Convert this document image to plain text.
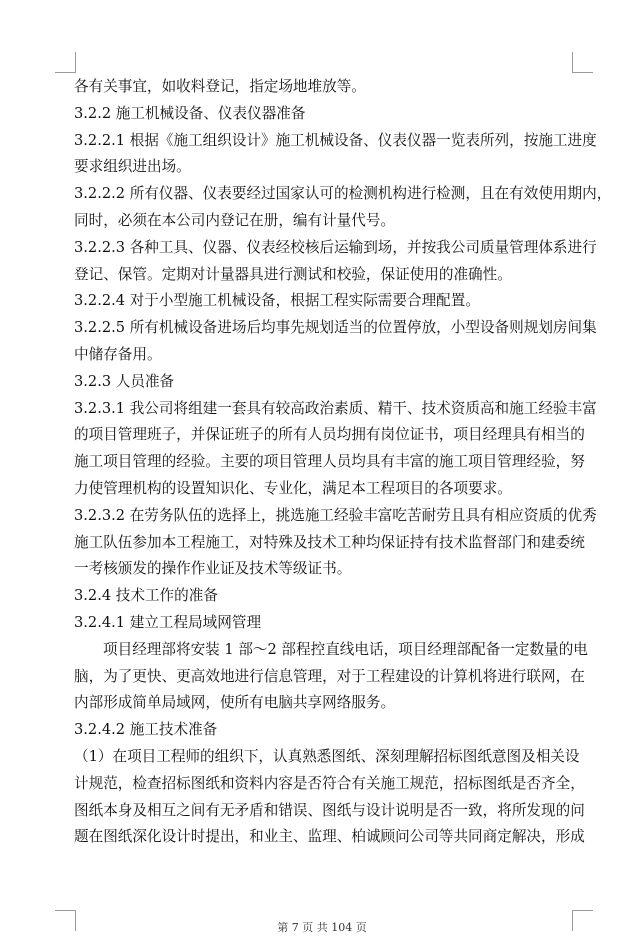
各有关事宜，如收料登记，指定场地堆放等。
3.2.2 施工机械设备、仪表仪器准备
3.2.2.1 根据《施工组织设计》施工机械设备、仪表仪器一览表所列，按施工进度
要求组织进出场。
3.2.2.2 所有仪器、仪表要经过国家认可的检测机构进行检测，且在有效使用期内，
同时，必须在本公司内登记在册，编有计量代号。
3.2.2.3 各种工具、仪器、仪表经校核后运输到场，并按我公司质量管理体系进行
登记、保管。定期对计量器具进行测试和校验，保证使用的准确性。
3.2.2.4 对于小型施工机械设备，根据工程实际需要合理配置。
3.2.2.5 所有机械设备进场后均事先规划适当的位置停放，小型设备则规划房间集
中储存备用。
3.2.3 人员准备
3.2.3.1 我公司将组建一套具有较高政治素质、精干、技术资质高和施工经验丰富
的项目管理班子，并保证班子的所有人员均拥有岗位证书，项目经理具有相当的
施工项目管理的经验。主要的项目管理人员均具有丰富的施工项目管理经验，努
力使管理机构的设置知识化、专业化，满足本工程项目的各项要求。
3.2.3.2 在劳务队伍的选择上，挑选施工经验丰富吃苦耐劳且具有相应资质的优秀
施工队伍参加本工程施工，对特殊及技术工种均保证持有技术监督部门和建委统
一考核颁发的操作作业证及技术等级证书。
3.2.4 技术工作的准备
3.2.4.1 建立工程局域网管理
项目经理部将安装 1 部～2 部程控直线电话，项目经理部配备一定数量的电
脑，为了更快、更高效地进行信息管理，对于工程建设的计算机将进行联网，在
内部形成简单局域网，使所有电脑共享网络服务。
3.2.4.2 施工技术准备
（1）在项目工程师的组织下，认真熟悉图纸、深刻理解招标图纸意图及相关设
计规范，检查招标图纸和资料内容是否符合有关施工规范，招标图纸是否齐全，
图纸本身及相互之间有无矛盾和错误、图纸与设计说明是否一致，将所发现的问
题在图纸深化设计时提出，和业主、监理、柏诚顾问公司等共同商定解决，形成
第 7 页 共 104 页
